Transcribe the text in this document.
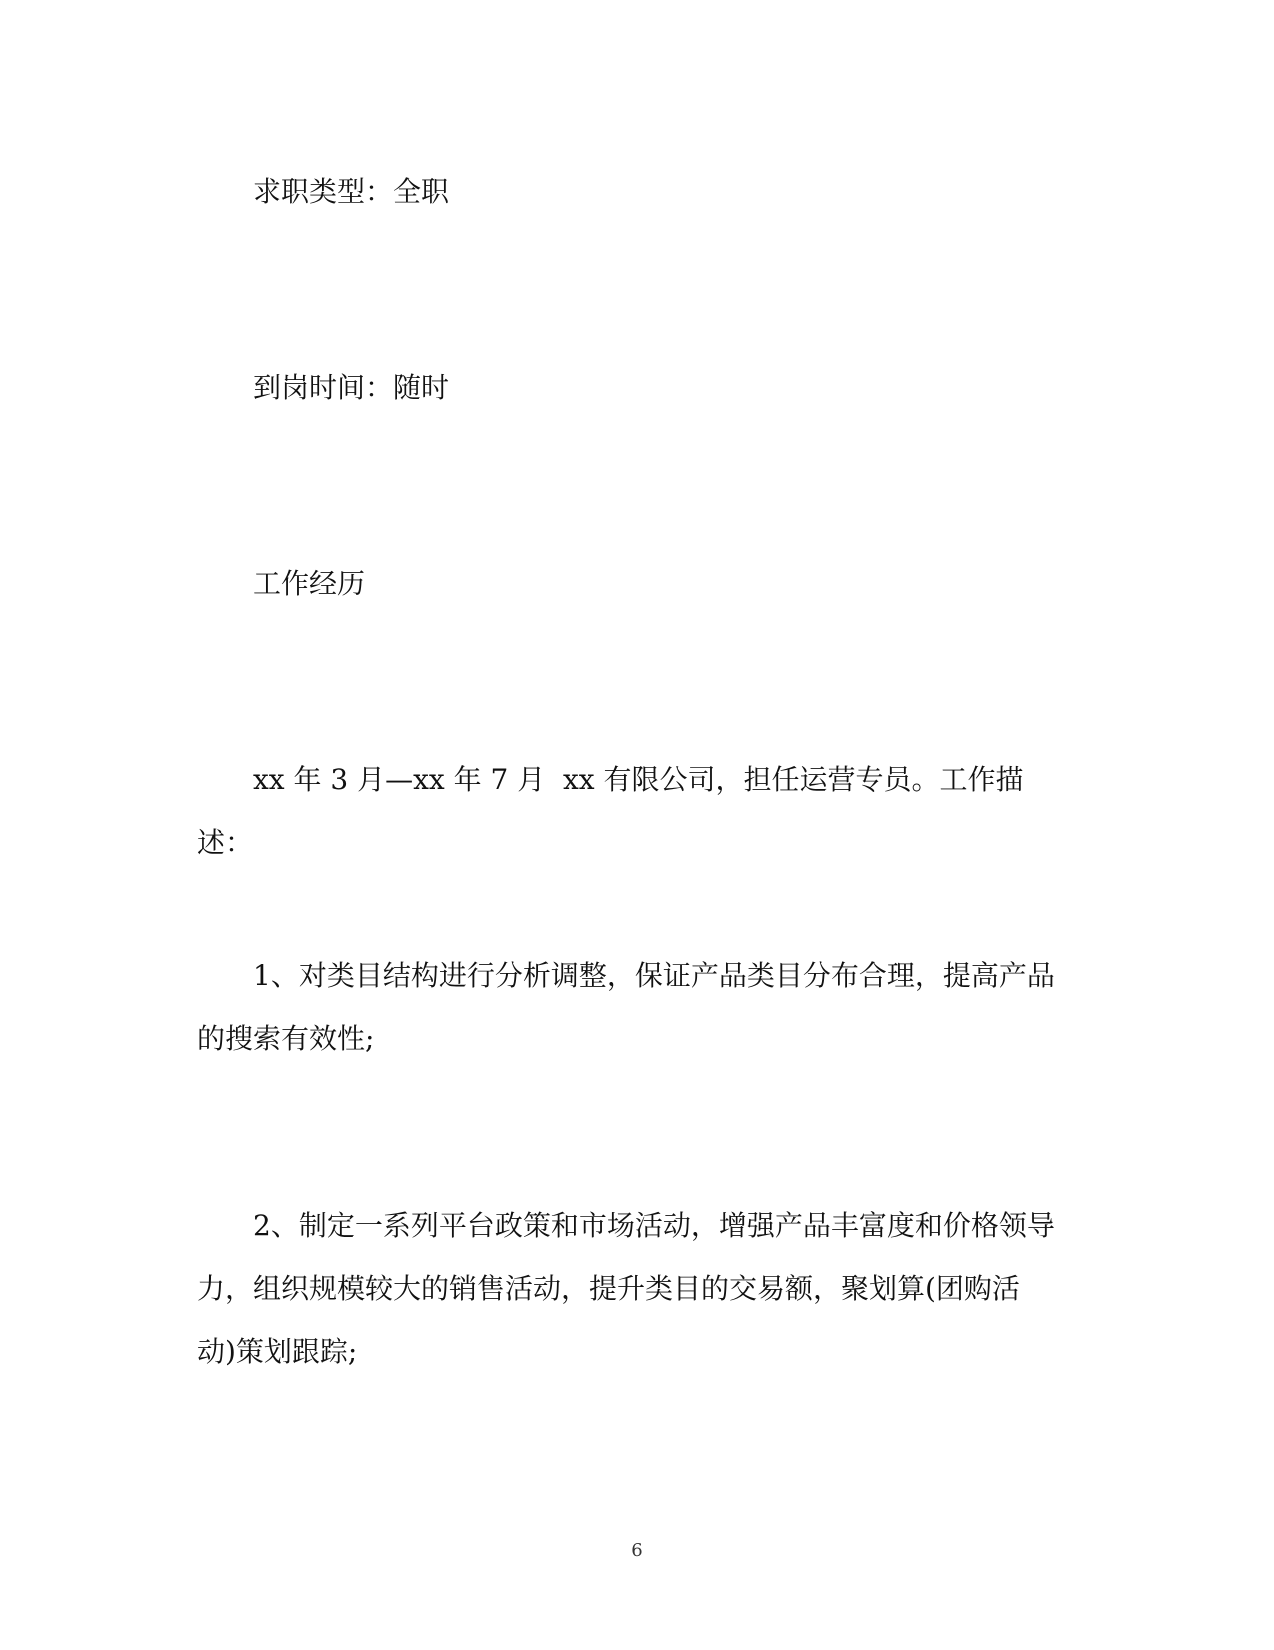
求职类型：全职

到岗时间：随时

工作经历

xx 年 3 月—xx 年 7 月  xx 有限公司，担任运营专员。工作描述：

1、对类目结构进行分析调整，保证产品类目分布合理，提高产品的搜索有效性;

2、制定一系列平台政策和市场活动，增强产品丰富度和价格领导力，组织规模较大的销售活动，提升类目的交易额，聚划算(团购活动)策划跟踪;

6
